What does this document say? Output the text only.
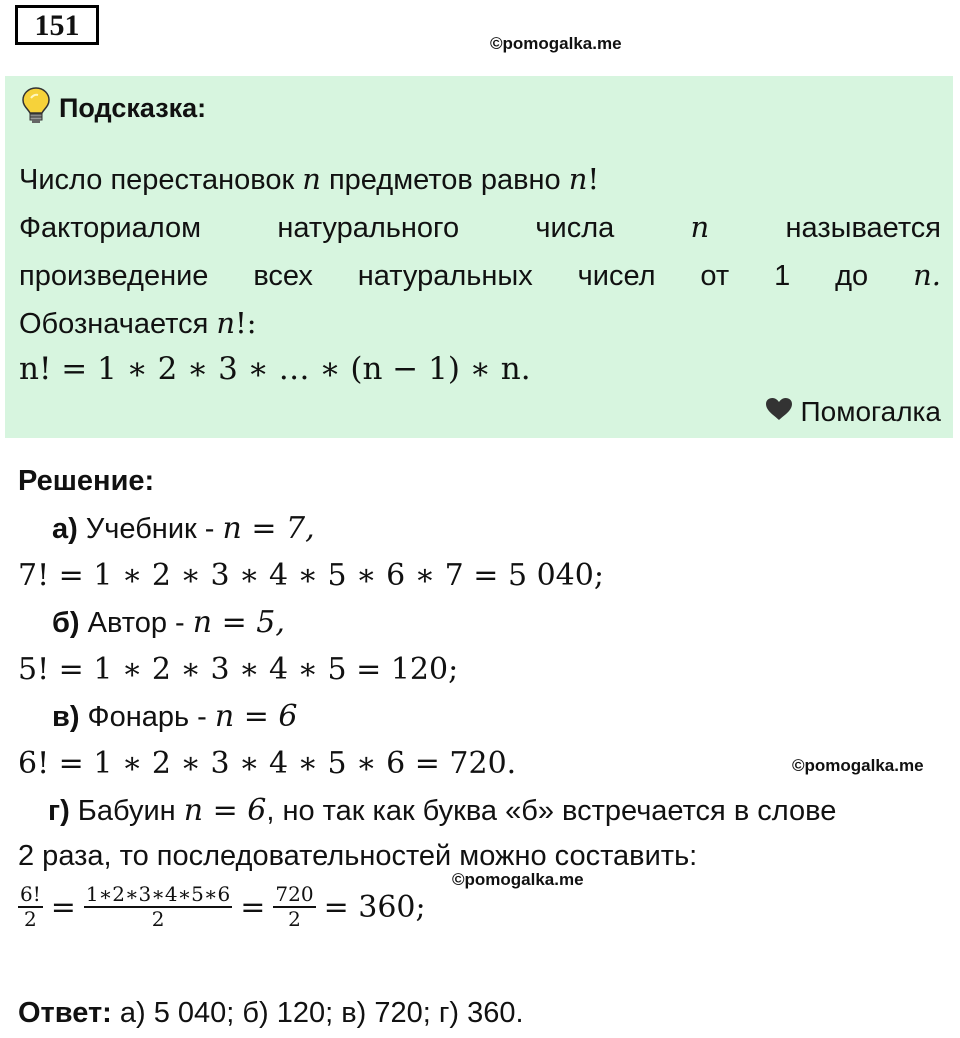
151
©pomogalka.me
Подсказка:
Число перестановок n предметов равно n!
Факториалом натурального числа	n	называется
произведение всех натуральных чисел от 1 до n.
Обозначается n!:
n! = 1 ∗ 2 ∗ 3 ∗ … ∗ (n − 1) ∗ n.
Помогалка
Решение:
а) Учебник - n = 7,
7! = 1 ∗ 2 ∗ 3 ∗ 4 ∗ 5 ∗ 6 ∗ 7 = 5 040;
б) Автор - n = 5,
5! = 1 ∗ 2 ∗ 3 ∗ 4 ∗ 5 = 120;
в) Фонарь - n = 6
6! = 1 ∗ 2 ∗ 3 ∗ 4 ∗ 5 ∗ 6 = 720.
г) Бабуин n = 6, но так как буква «б» встречается в слове
2 раза, то последовательностей можно составить:
$\frac{6!}{2} = \frac{1∗2∗3∗4∗5∗6}{2} = \frac{720}{2} = 360$;
Ответ: а) 5 040; б) 120; в) 720; г) 360.
©pomogalka.me
©pomogalka.me
